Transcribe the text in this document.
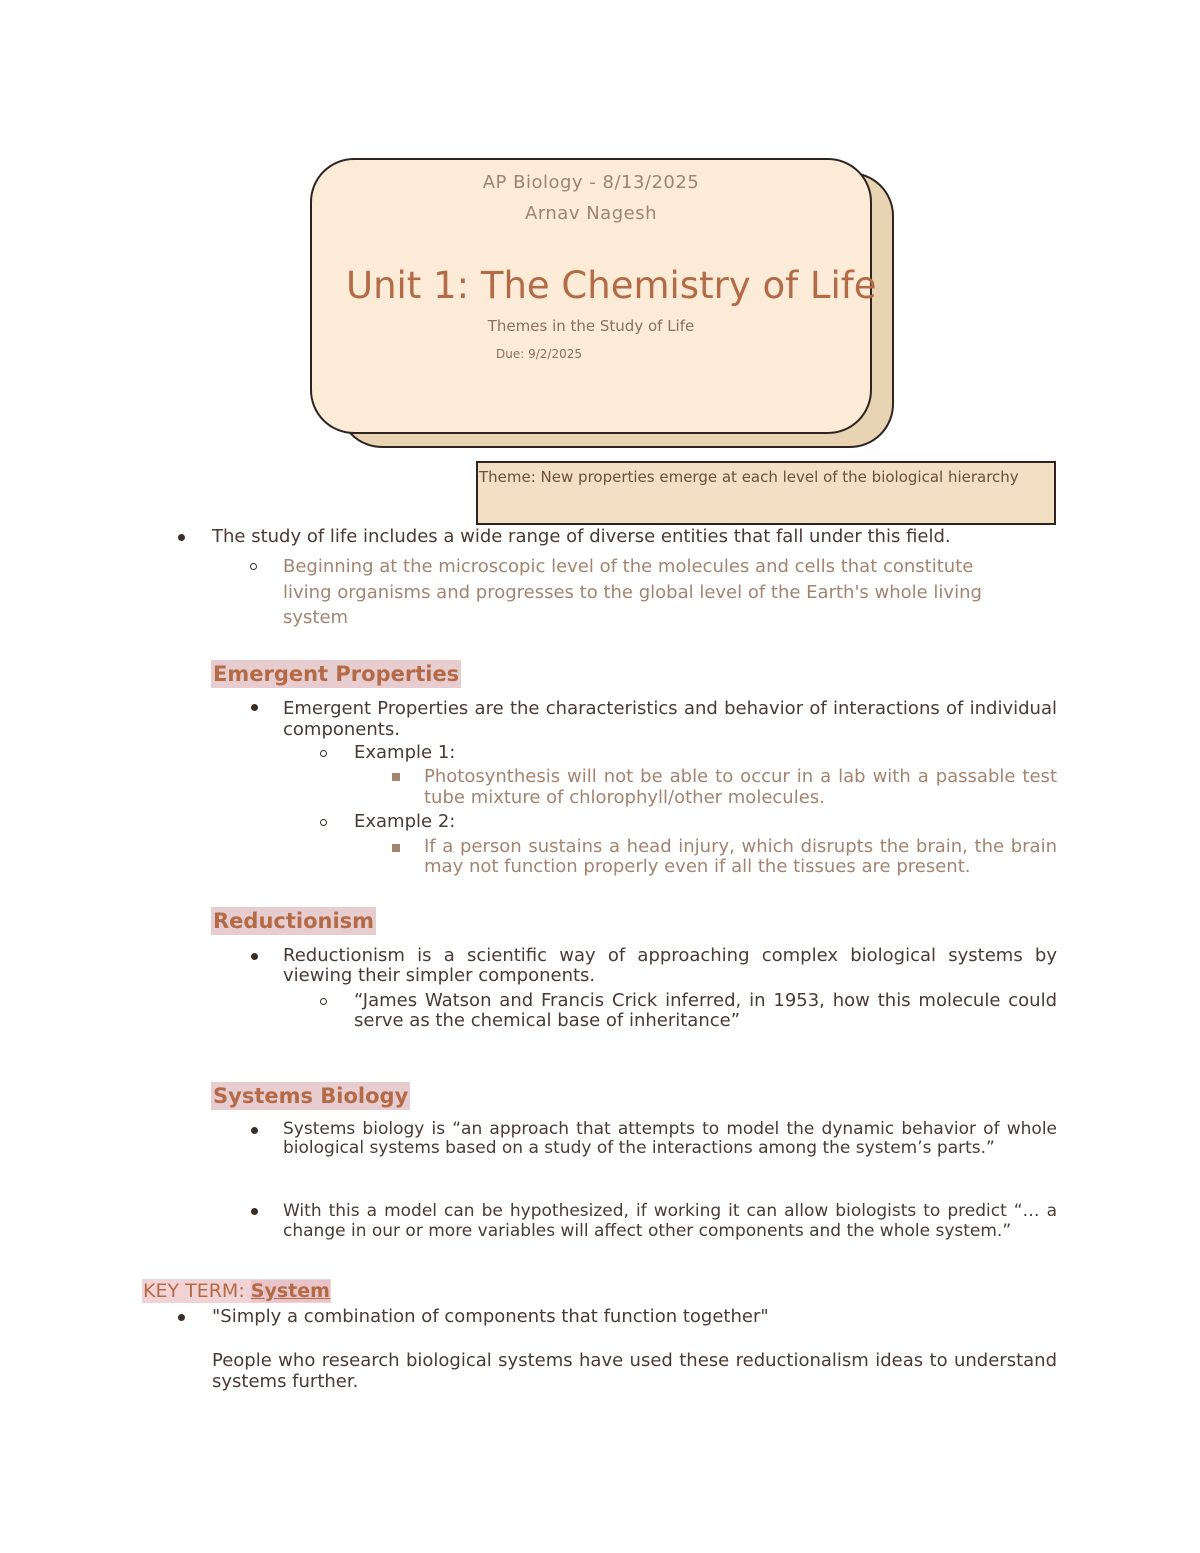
AP Biology - 8/13/2025
Arnav Nagesh
Unit 1: The Chemistry of Life
Themes in the Study of Life
Due: 9/2/2025
Theme: New properties emerge at each level of the biological hierarchy
The study of life includes a wide range of diverse entities that fall under this field.
Beginning at the microscopic level of the molecules and cells that constitute
living organisms and progresses to the global level of the Earth's whole living
system
Emergent Properties
Emergent Properties are the characteristics and behavior of interactions of individual components.
Example 1:
Photosynthesis will not be able to occur in a lab with a passable test tube mixture of chlorophyll/other molecules.
Example 2:
If a person sustains a head injury, which disrupts the brain, the brain may not function properly even if all the tissues are present.
Reductionism
Reductionism is a scientific way of approaching complex biological systems by viewing their simpler components.
“James Watson and Francis Crick inferred, in 1953, how this molecule could serve as the chemical base of inheritance”
Systems Biology
Systems biology is “an approach that attempts to model the dynamic behavior of whole biological systems based on a study of the interactions among the system’s parts.”
With this a model can be hypothesized, if working it can allow biologists to predict “… a change in our or more variables will affect other components and the whole system.”
KEY TERM: System
"Simply a combination of components that function together"
People who research biological systems have used these reductionalism ideas to understand systems further.
